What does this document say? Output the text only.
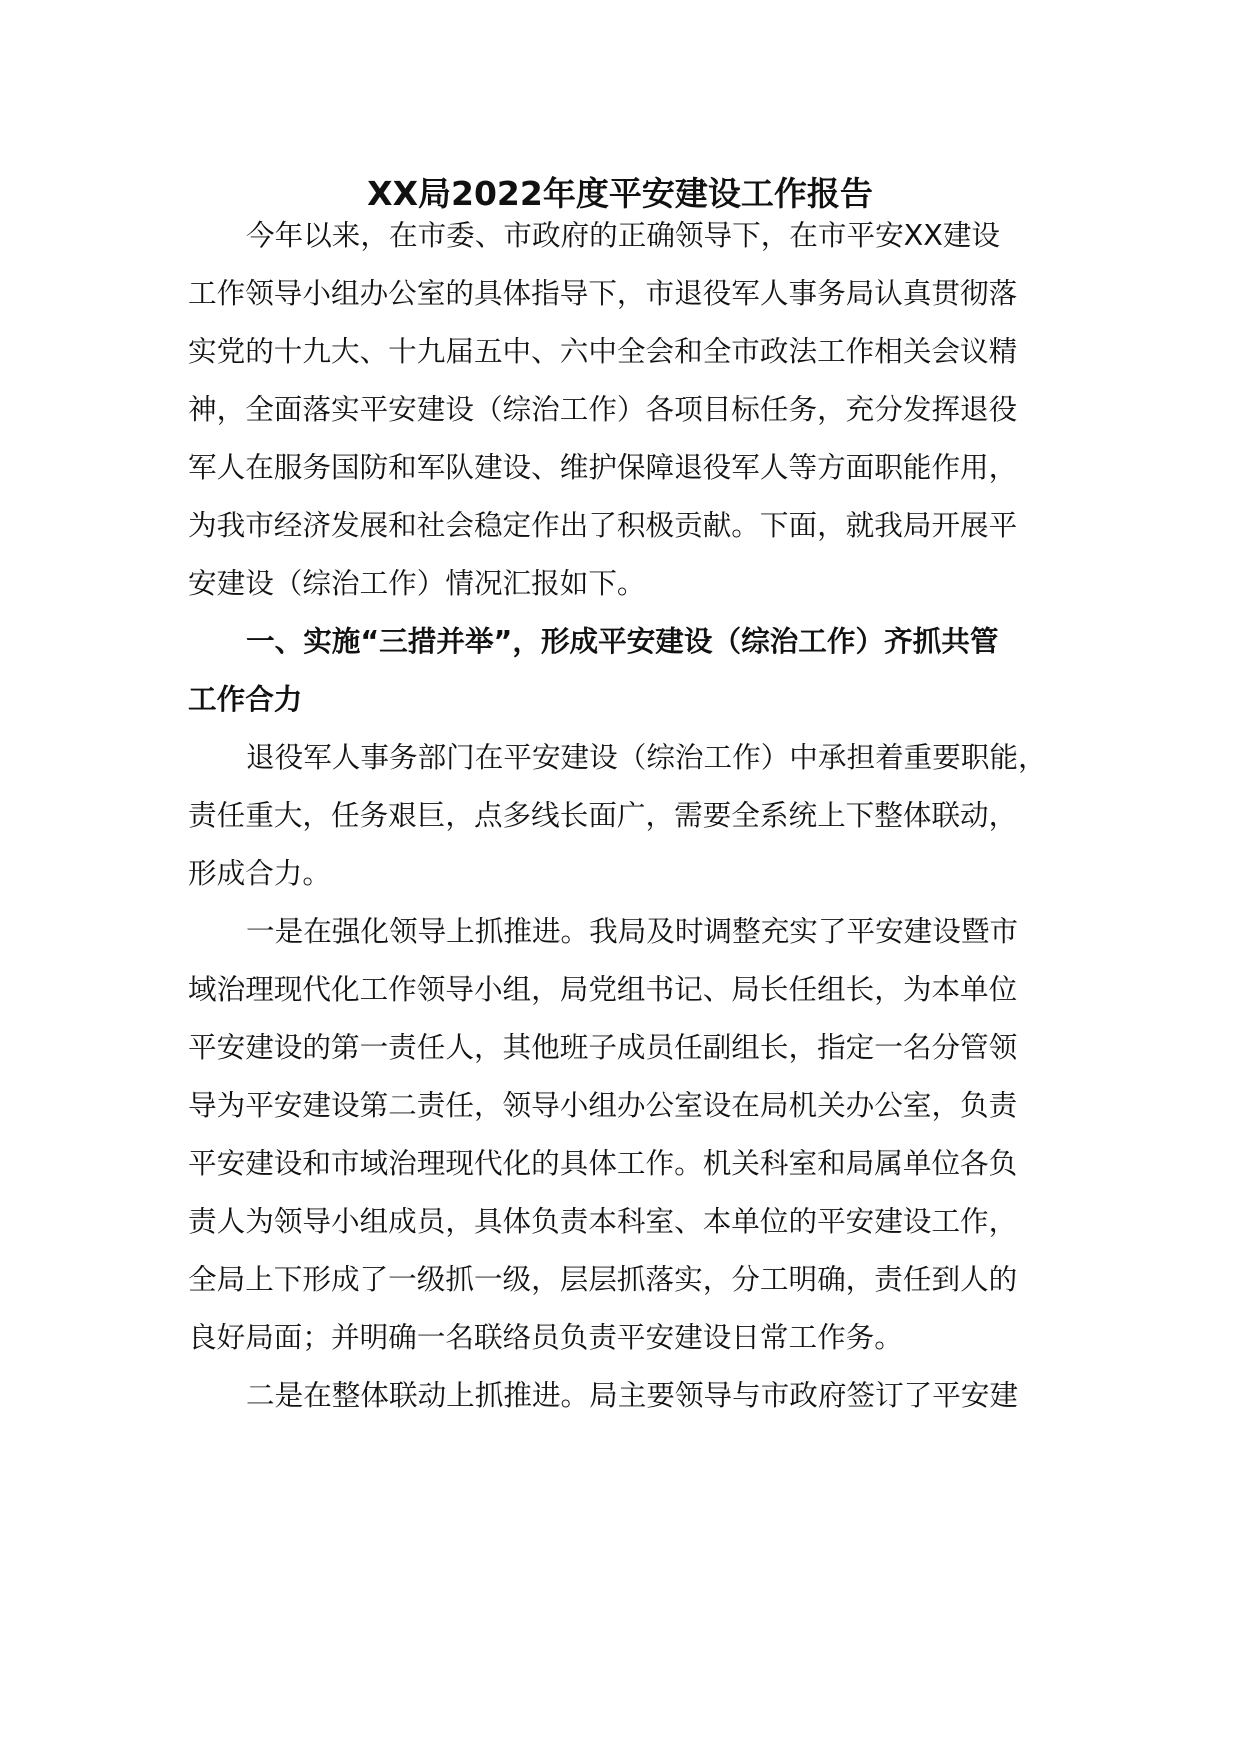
XX局2022年度平安建设工作报告
今年以来，在市委、市政府的正确领导下，在市平安XX建设
工作领导小组办公室的具体指导下，市退役军人事务局认真贯彻落
实党的十九大、十九届五中、六中全会和全市政法工作相关会议精
神，全面落实平安建设（综治工作）各项目标任务，充分发挥退役
军人在服务国防和军队建设、维护保障退役军人等方面职能作用，
为我市经济发展和社会稳定作出了积极贡献。下面，就我局开展平
安建设（综治工作）情况汇报如下。
一、实施“三措并举”，形成平安建设（综治工作）齐抓共管
工作合力
退役军人事务部门在平安建设（综治工作）中承担着重要职能，
责任重大，任务艰巨，点多线长面广，需要全系统上下整体联动，
形成合力。
一是在强化领导上抓推进。我局及时调整充实了平安建设暨市
域治理现代化工作领导小组，局党组书记、局长任组长，为本单位
平安建设的第一责任人，其他班子成员任副组长，指定一名分管领
导为平安建设第二责任，领导小组办公室设在局机关办公室，负责
平安建设和市域治理现代化的具体工作。机关科室和局属单位各负
责人为领导小组成员，具体负责本科室、本单位的平安建设工作，
全局上下形成了一级抓一级，层层抓落实，分工明确，责任到人的
良好局面；并明确一名联络员负责平安建设日常工作务。
二是在整体联动上抓推进。局主要领导与市政府签订了平安建
